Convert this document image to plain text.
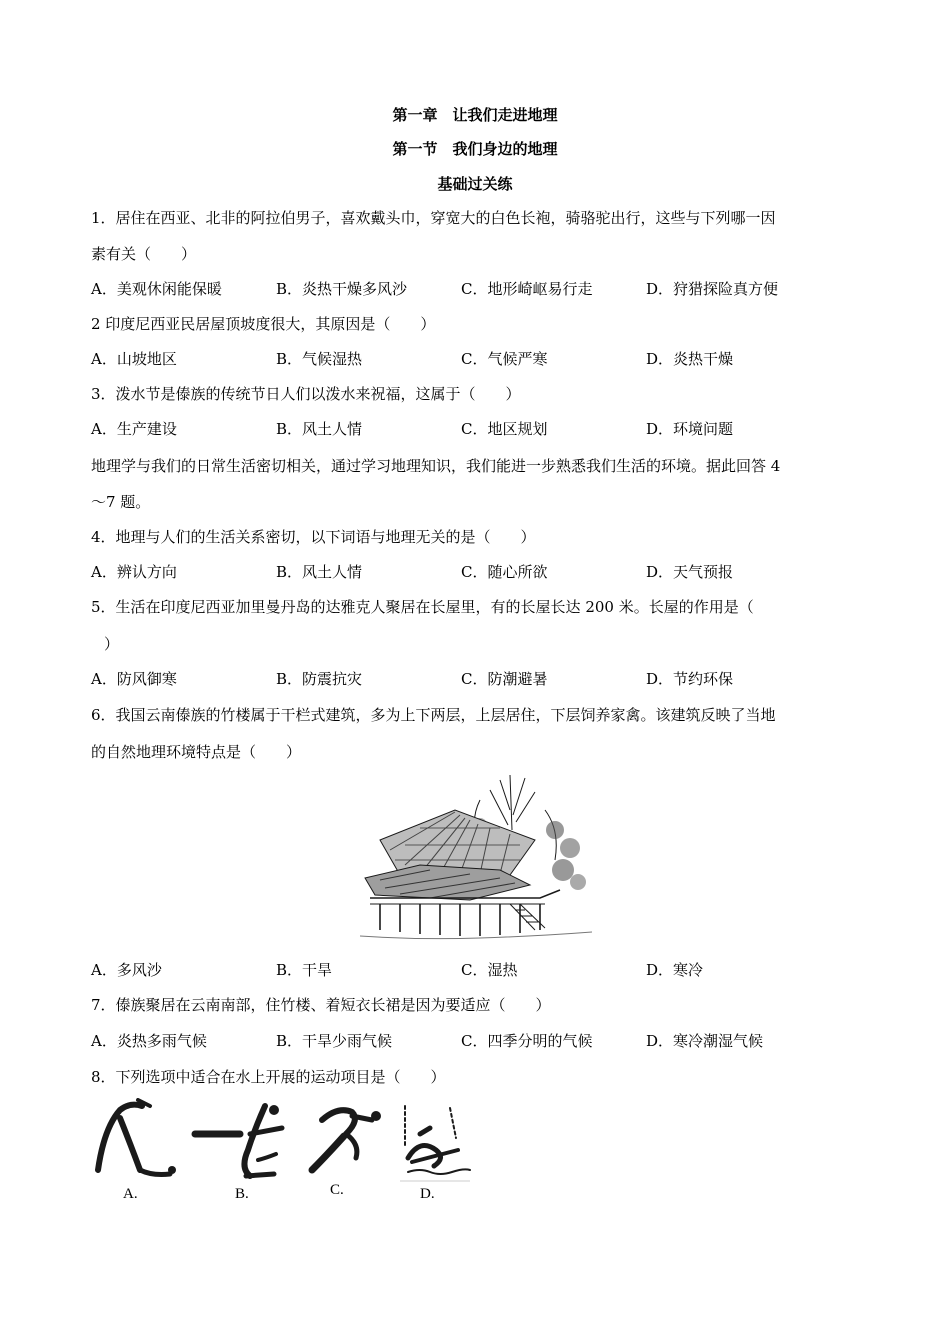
第一章　让我们走进地理
第一节　我们身边的地理
基础过关练
1．居住在西亚、北非的阿拉伯男子，喜欢戴头巾，穿宽大的白色长袍，骑骆驼出行，这些与下列哪一因
素有关（　　）
A．美观休闲能保暖	B．炎热干燥多风沙	C．地形崎岖易行走	D．狩猎探险真方便
2 印度尼西亚民居屋顶坡度很大，其原因是（　　）
A．山坡地区	B．气候湿热	C．气候严寒	D．炎热干燥
3．泼水节是傣族的传统节日人们以泼水来祝福，这属于（　　）
A．生产建设	B．风土人情	C．地区规划	D．环境问题
地理学与我们的日常生活密切相关，通过学习地理知识，我们能进一步熟悉我们生活的环境。据此回答 4
～7 题。
4．地理与人们的生活关系密切，以下词语与地理无关的是（　　）
A．辨认方向	B．风土人情	C．随心所欲	D．天气预报
5．生活在印度尼西亚加里曼丹岛的达雅克人聚居在长屋里，有的长屋长达 200 米。长屋的作用是（
）
A．防风御寒	B．防震抗灾	C．防潮避暑	D．节约环保
6．我国云南傣族的竹楼属于干栏式建筑，多为上下两层，上层居住，下层饲养家禽。该建筑反映了当地
的自然地理环境特点是（　　）
A．多风沙	B．干旱	C．湿热	D．寒冷
7．傣族聚居在云南南部，住竹楼、着短衣长裙是因为要适应（　　）
A．炎热多雨气候	B．干旱少雨气候	C．四季分明的气候	D．寒冷潮湿气候
8．下列选项中适合在水上开展的运动项目是（　　）
A.	B.	C.	D.
